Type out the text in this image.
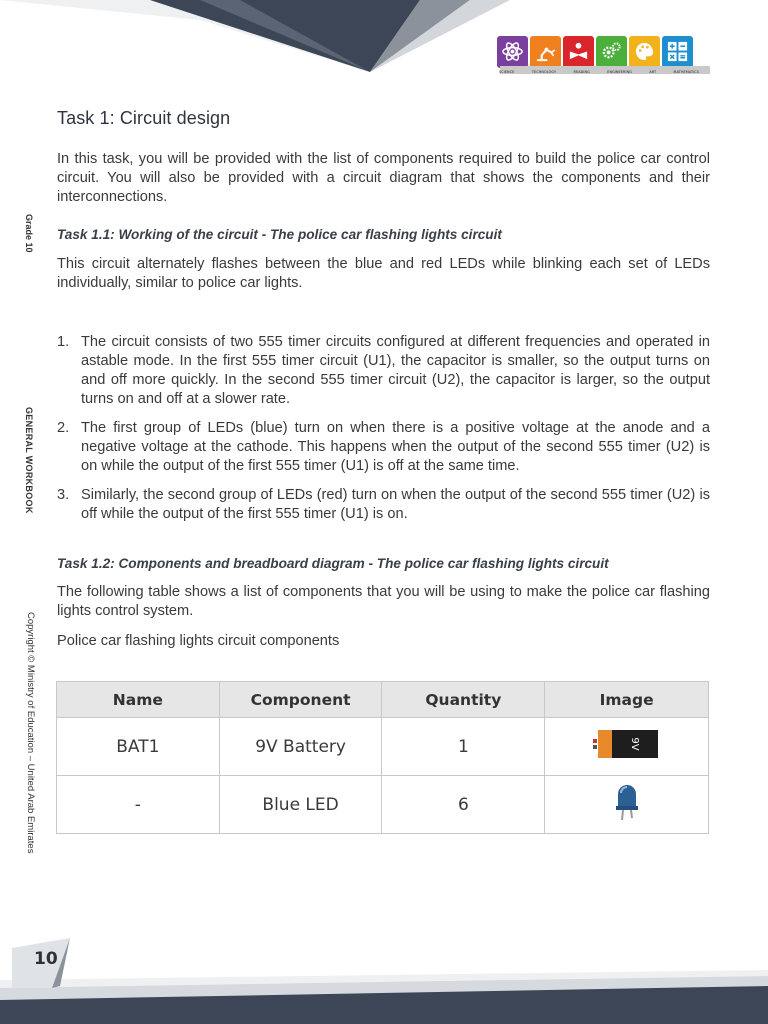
SCIENCE	TECHNOLOGY	READING	ENGINEERING	ART	MATHEMATICS
Grade 10
GENERAL WORKBOOK
Copyright © Ministry of Education – United Arab Emirates
Task 1: Circuit design

In this task, you will be provided with the list of components required to build the police car control circuit. You will also be provided with a circuit diagram that shows the components and their interconnections.

Task 1.1: Working of the circuit - The police car flashing lights circuit

This circuit alternately flashes between the blue and red LEDs while blinking each set of LEDs individually, similar to police car lights.

1. The circuit consists of two 555 timer circuits configured at different frequencies and operated in astable mode. In the first 555 timer circuit (U1), the capacitor is smaller, so the output turns on and off more quickly. In the second 555 timer circuit (U2), the capacitor is larger, so the output turns on and off at a slower rate.
2. The first group of LEDs (blue) turn on when there is a positive voltage at the anode and a negative voltage at the cathode. This happens when the output of the second 555 timer (U2) is on while the output of the first 555 timer (U1) is off at the same time.
3. Similarly, the second group of LEDs (red) turn on when the output of the second 555 timer (U2) is off while the output of the first 555 timer (U1) is on.
Task 1.2: Components and breadboard diagram - The police car flashing lights circuit

The following table shows a list of components that you will be using to make the police car flashing lights control system.

Police car flashing lights circuit components

Name	Component	Quantity	Image
BAT1	9V Battery	1	9V

-	Blue LED	6	
10
